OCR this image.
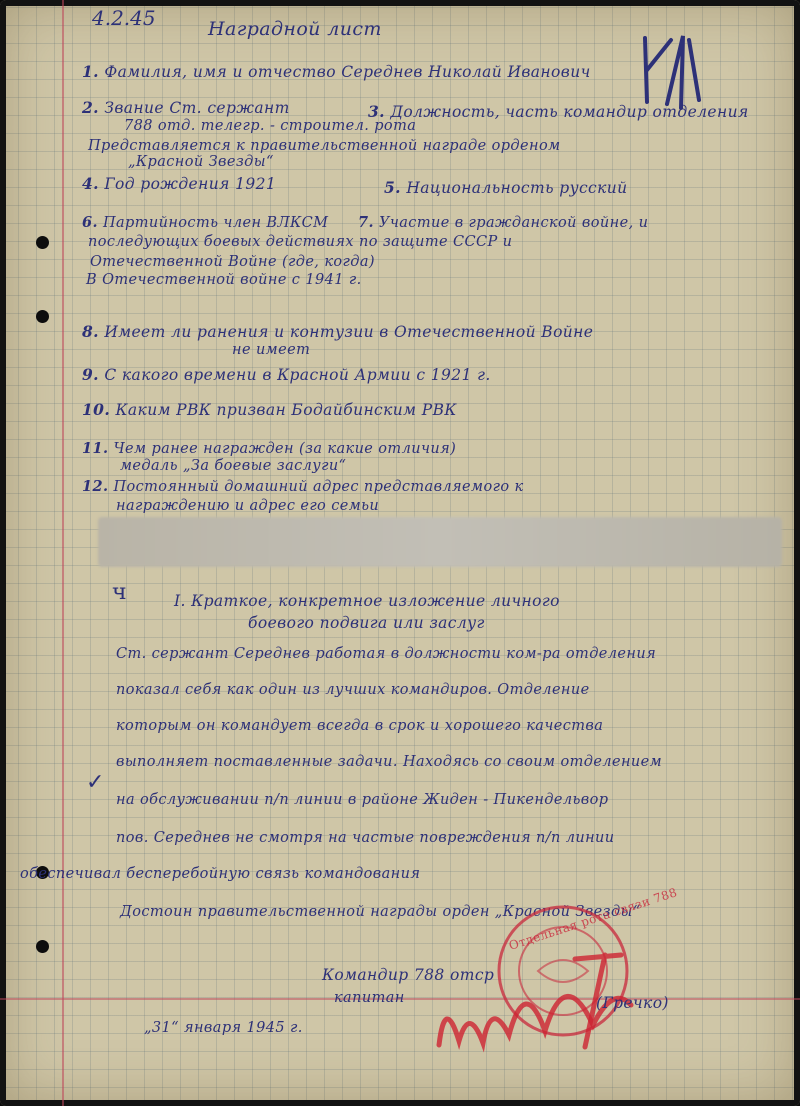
4.2.45	Наградной лист
1. Фамилия, имя и отчество Середнев Николай Иванович
2. Звание Ст. сержант	3. Должность, часть командир отделения
788 отд. телегр. - строител. рота
Представляется к правительственной награде орденом
„Красной Звезды“
4. Год рождения 1921	5. Национальность русский
6. Партийность член ВЛКСМ 7. Участие в гражданской войне, и
последующих боевых действиях по защите СССР и
Отечественной Войне (где, когда)
В Отечественной войне с 1941 г.
8. Имеет ли ранения и контузии в Отечественной Войне
не имеет
9. С какого времени в Красной Армии с 1921 г.
10. Каким РВК призван Бодайбинским РВК
11. Чем ранее награжден (за какие отличия)
медаль „За боевые заслуги“
12. Постоянный домашний адрес представляемого к
награждению и адрес его семьи
ч	I. Краткое, конкретное изложение личного
боевого подвига или заслуг
Ст. сержант Середнев работая в должности ком-ра отделения
показал себя как один из лучших командиров. Отделение
которым он командует всегда в срок и хорошего качества
выполняет поставленные задачи. Находясь со своим отделением
на обслуживании п/п линии в районе Жиден - Пикендельвор
пов. Середнев не смотря на частые повреждения п/п линии
обеспечивал бесперебойную связь командования
Достоин правительственной награды орден „Красной Звезды“
Отдельная рота связи 788
Командир 788 отср
капитан	(Гречко)
„31“ января 1945 г.
✓
